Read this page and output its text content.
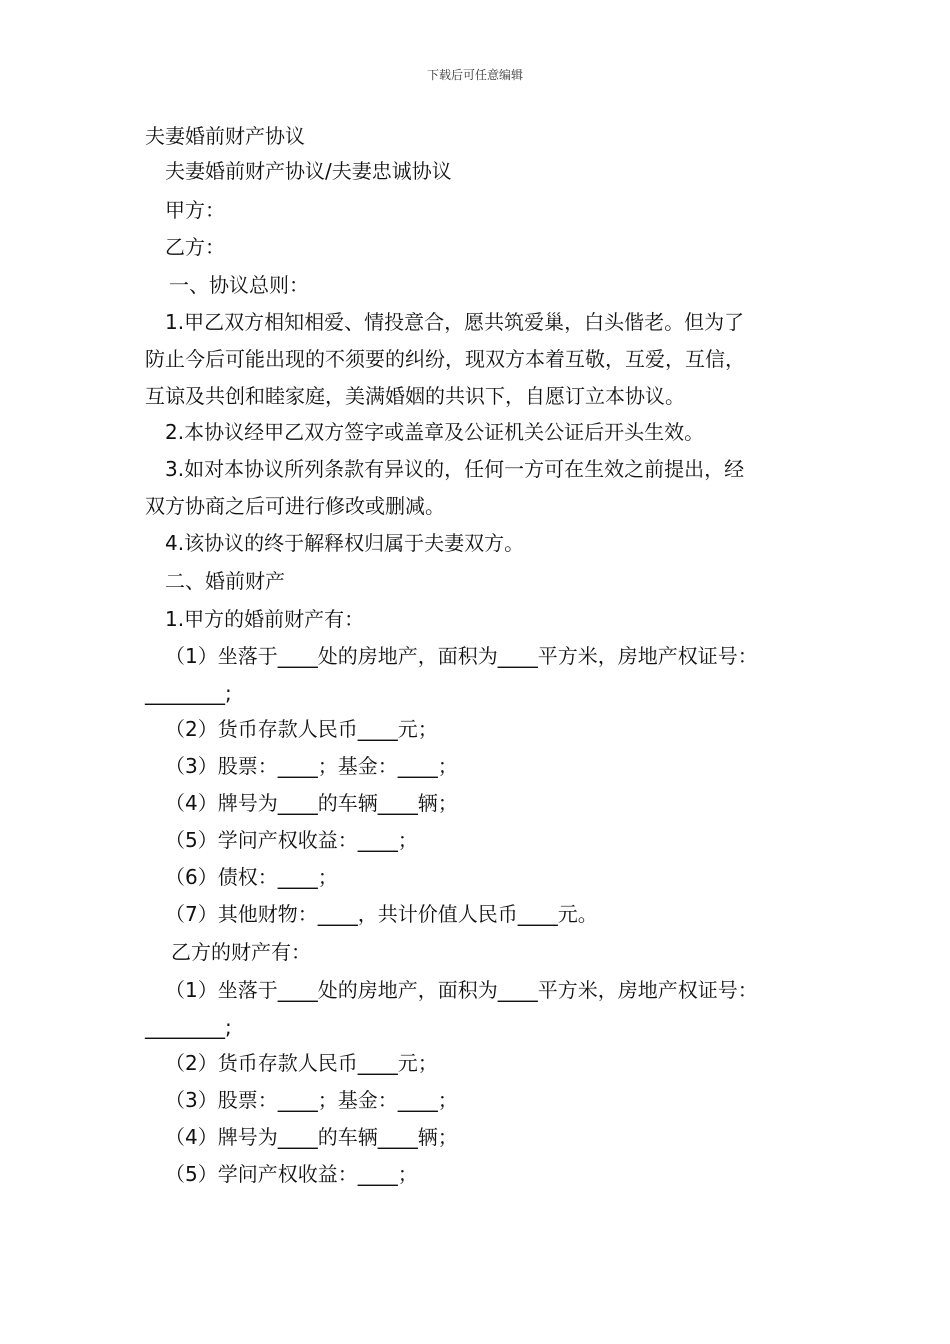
下载后可任意编辑
夫妻婚前财产协议
夫妻婚前财产协议/夫妻忠诚协议
甲方：
乙方：
一、协议总则：
1.甲乙双方相知相爱、情投意合，愿共筑爱巢，白头偕老。但为了
防止今后可能出现的不须要的纠纷，现双方本着互敬，互爱，互信，
互谅及共创和睦家庭，美满婚姻的共识下，自愿订立本协议。
2.本协议经甲乙双方签字或盖章及公证机关公证后开头生效。
3.如对本协议所列条款有异议的，任何一方可在生效之前提出，经
双方协商之后可进行修改或删减。
4.该协议的终于解释权归属于夫妻双方。
二、婚前财产
1.甲方的婚前财产有：
（1）坐落于____处的房地产，面积为____平方米，房地产权证号：
________;
（2）货币存款人民币____元；
（3）股票：____；基金：____；
（4）牌号为____的车辆____辆；
（5）学问产权收益：____；
（6）债权：____；
（7）其他财物：____，共计价值人民币____元。
乙方的财产有：
（1）坐落于____处的房地产，面积为____平方米，房地产权证号：
________;
（2）货币存款人民币____元；
（3）股票：____；基金：____；
（4）牌号为____的车辆____辆；
（5）学问产权收益：____；
